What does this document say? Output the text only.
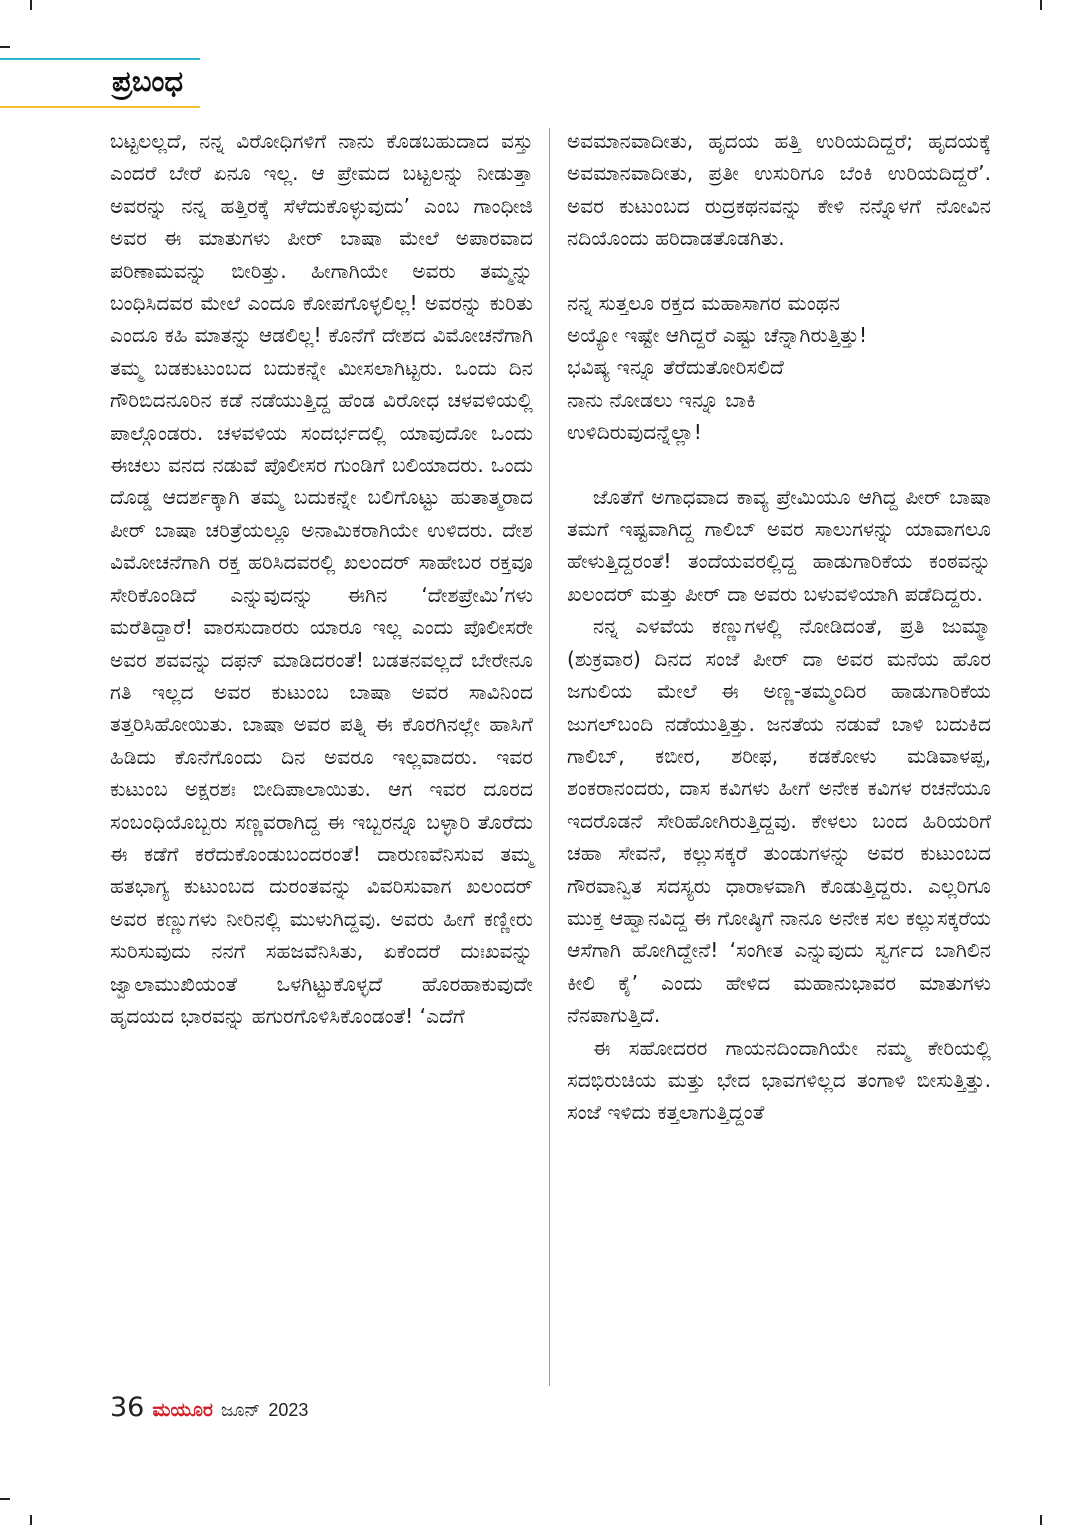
ಪ್ರಬಂಧ

ಬಟ್ಟಲಲ್ಲದೆ, ನನ್ನ ವಿರೋಧಿಗಳಿಗೆ ನಾನು ಕೊಡಬಹುದಾದ ವಸ್ತು ಎಂದರೆ ಬೇರೆ ಏನೂ ಇಲ್ಲ. ಆ ಪ್ರೇಮದ ಬಟ್ಟಲನ್ನು ನೀಡುತ್ತಾ ಅವರನ್ನು ನನ್ನ ಹತ್ತಿರಕ್ಕೆ ಸೆಳೆದುಕೊಳ್ಳುವುದು’ ಎಂಬ ಗಾಂಧೀಜಿ ಅವರ ಈ ಮಾತುಗಳು ಪೀರ್ ಬಾಷಾ ಮೇಲೆ ಅಪಾರವಾದ ಪರಿಣಾಮವನ್ನು ಬೀರಿತ್ತು. ಹೀಗಾಗಿಯೇ ಅವರು ತಮ್ಮನ್ನು ಬಂಧಿಸಿದವರ ಮೇಲೆ ಎಂದೂ ಕೋಪಗೊಳ್ಳಲಿಲ್ಲ! ಅವರನ್ನು ಕುರಿತು ಎಂದೂ ಕಹಿ ಮಾತನ್ನು ಆಡಲಿಲ್ಲ! ಕೊನೆಗೆ ದೇಶದ ವಿಮೋಚನೆಗಾಗಿ ತಮ್ಮ ಬಡಕುಟುಂಬದ ಬದುಕನ್ನೇ ಮೀಸಲಾಗಿಟ್ಟರು. ಒಂದು ದಿನ ಗೌರಿಬಿದನೂರಿನ ಕಡೆ ನಡೆಯುತ್ತಿದ್ದ ಹೆಂಡ ವಿರೋಧ ಚಳವಳಿಯಲ್ಲಿ ಪಾಲ್ಗೊಂಡರು. ಚಳವಳಿಯ ಸಂದರ್ಭದಲ್ಲಿ ಯಾವುದೋ ಒಂದು ಈಚಲು ವನದ ನಡುವೆ ಪೊಲೀಸರ ಗುಂಡಿಗೆ ಬಲಿಯಾದರು. ಒಂದು ದೊಡ್ಡ ಆದರ್ಶಕ್ಕಾಗಿ ತಮ್ಮ ಬದುಕನ್ನೇ ಬಲಿಗೊಟ್ಟು ಹುತಾತ್ಮರಾದ ಪೀರ್ ಬಾಷಾ ಚರಿತ್ರೆಯಲ್ಲೂ ಅನಾಮಿಕರಾಗಿಯೇ ಉಳಿದರು. ದೇಶ ವಿಮೋಚನೆಗಾಗಿ ರಕ್ತ ಹರಿಸಿದವರಲ್ಲಿ ಖಲಂದರ್ ಸಾಹೇಬರ ರಕ್ತವೂ ಸೇರಿಕೊಂಡಿದೆ ಎನ್ನುವುದನ್ನು ಈಗಿನ ‘ದೇಶಪ್ರೇಮಿ’ಗಳು ಮರೆತಿದ್ದಾರೆ! ವಾರಸುದಾರರು ಯಾರೂ ಇಲ್ಲ ಎಂದು ಪೊಲೀಸರೇ ಅವರ ಶವವನ್ನು ದಫನ್ ಮಾಡಿದರಂತೆ! ಬಡತನವಲ್ಲದೆ ಬೇರೇನೂ ಗತಿ ಇಲ್ಲದ ಅವರ ಕುಟುಂಬ ಬಾಷಾ ಅವರ ಸಾವಿನಿಂದ ತತ್ತರಿಸಿಹೋಯಿತು. ಬಾಷಾ ಅವರ ಪತ್ನಿ ಈ ಕೊರಗಿನಲ್ಲೇ ಹಾಸಿಗೆ ಹಿಡಿದು ಕೊನೆಗೊಂದು ದಿನ ಅವರೂ ಇಲ್ಲವಾದರು. ಇವರ ಕುಟುಂಬ ಅಕ್ಷರಶಃ ಬೀದಿಪಾಲಾಯಿತು. ಆಗ ಇವರ ದೂರದ ಸಂಬಂಧಿಯೊಬ್ಬರು ಸಣ್ಣವರಾಗಿದ್ದ ಈ ಇಬ್ಬರನ್ನೂ ಬಳ್ಳಾರಿ ತೊರೆದು ಈ ಕಡೆಗೆ ಕರೆದುಕೊಂಡುಬಂದರಂತೆ! ದಾರುಣವೆನಿಸುವ ತಮ್ಮ ಹತಭಾಗ್ಯ ಕುಟುಂಬದ ದುರಂತವನ್ನು ವಿವರಿಸುವಾಗ ಖಲಂದರ್ ಅವರ ಕಣ್ಣುಗಳು ನೀರಿನಲ್ಲಿ ಮುಳುಗಿದ್ದವು. ಅವರು ಹೀಗೆ ಕಣ್ಣೀರು ಸುರಿಸುವುದು ನನಗೆ ಸಹಜವೆನಿಸಿತು, ಏಕೆಂದರೆ ದುಃಖವನ್ನು ಜ್ವಾಲಾಮುಖಿಯಂತೆ ಒಳಗಿಟ್ಟುಕೊಳ್ಳದೆ ಹೊರಹಾಕುವುದೇ ಹೃದಯದ ಭಾರವನ್ನು ಹಗುರಗೊಳಿಸಿಕೊಂಡಂತೆ! ‘ಎದೆಗೆ

ಅವಮಾನವಾದೀತು, ಹೃದಯ ಹತ್ತಿ ಉರಿಯದಿದ್ದರೆ; ಹೃದಯಕ್ಕೆ ಅವಮಾನವಾದೀತು, ಪ್ರತೀ ಉಸುರಿಗೂ ಬೆಂಕಿ ಉರಿಯದಿದ್ದರೆ’. ಅವರ ಕುಟುಂಬದ ರುದ್ರಕಥನವನ್ನು ಕೇಳಿ ನನ್ನೊಳಗೆ ನೋವಿನ ನದಿಯೊಂದು ಹರಿದಾಡತೊಡಗಿತು.

ನನ್ನ ಸುತ್ತಲೂ ರಕ್ತದ ಮಹಾಸಾಗರ ಮಂಥನ
ಅಯ್ಯೋ ಇಷ್ಟೇ ಆಗಿದ್ದರೆ ಎಷ್ಟು ಚೆನ್ನಾಗಿರುತ್ತಿತ್ತು!
ಭವಿಷ್ಯ ಇನ್ನೂ ತೆರೆದುತೋರಿಸಲಿದೆ
ನಾನು ನೋಡಲು ಇನ್ನೂ ಬಾಕಿ
ಉಳಿದಿರುವುದನ್ನೆಲ್ಲಾ!

ಜೊತೆಗೆ ಅಗಾಧವಾದ ಕಾವ್ಯ ಪ್ರೇಮಿಯೂ ಆಗಿದ್ದ ಪೀರ್ ಬಾಷಾ ತಮಗೆ ಇಷ್ಟವಾಗಿದ್ದ ಗಾಲಿಬ್ ಅವರ ಸಾಲುಗಳನ್ನು ಯಾವಾಗಲೂ ಹೇಳುತ್ತಿದ್ದರಂತೆ! ತಂದೆಯವರಲ್ಲಿದ್ದ ಹಾಡುಗಾರಿಕೆಯ ಕಂಠವನ್ನು ಖಲಂದರ್ ಮತ್ತು ಪೀರ್ ದಾ ಅವರು ಬಳುವಳಿಯಾಗಿ ಪಡೆದಿದ್ದರು.

ನನ್ನ ಎಳವೆಯ ಕಣ್ಣುಗಳಲ್ಲಿ ನೋಡಿದಂತೆ, ಪ್ರತಿ ಜುಮ್ಮಾ (ಶುಕ್ರವಾರ) ದಿನದ ಸಂಜೆ ಪೀರ್ ದಾ ಅವರ ಮನೆಯ ಹೊರ ಜಗುಲಿಯ ಮೇಲೆ ಈ ಅಣ್ಣ-ತಮ್ಮಂದಿರ ಹಾಡುಗಾರಿಕೆಯ ಜುಗಲ್‌ಬಂದಿ ನಡೆಯುತ್ತಿತ್ತು. ಜನತೆಯ ನಡುವೆ ಬಾಳಿ ಬದುಕಿದ ಗಾಲಿಬ್, ಕಬೀರ, ಶರೀಫ, ಕಡಕೋಳು ಮಡಿವಾಳಪ್ಪ, ಶಂಕರಾನಂದರು, ದಾಸ ಕವಿಗಳು ಹೀಗೆ ಅನೇಕ ಕವಿಗಳ ರಚನೆಯೂ ಇದರೊಡನೆ ಸೇರಿಹೋಗಿರುತ್ತಿದ್ದವು. ಕೇಳಲು ಬಂದ ಹಿರಿಯರಿಗೆ ಚಹಾ ಸೇವನೆ, ಕಲ್ಲುಸಕ್ಕರೆ ತುಂಡುಗಳನ್ನು ಅವರ ಕುಟುಂಬದ ಗೌರವಾನ್ವಿತ ಸದಸ್ಯರು ಧಾರಾಳವಾಗಿ ಕೊಡುತ್ತಿದ್ದರು. ಎಲ್ಲರಿಗೂ ಮುಕ್ತ ಆಹ್ವಾನವಿದ್ದ ಈ ಗೋಷ್ಠಿಗೆ ನಾನೂ ಅನೇಕ ಸಲ ಕಲ್ಲುಸಕ್ಕರೆಯ ಆಸೆಗಾಗಿ ಹೋಗಿದ್ದೇನೆ! ‘ಸಂಗೀತ ಎನ್ನುವುದು ಸ್ವರ್ಗದ ಬಾಗಿಲಿನ ಕೀಲಿ ಕೈ’ ಎಂದು ಹೇಳಿದ ಮಹಾನುಭಾವರ ಮಾತುಗಳು ನೆನಪಾಗುತ್ತಿದೆ.

ಈ ಸಹೋದರರ ಗಾಯನದಿಂದಾಗಿಯೇ ನಮ್ಮ ಕೇರಿಯಲ್ಲಿ ಸದಭಿರುಚಿಯ ಮತ್ತು ಭೇದ ಭಾವಗಳಿಲ್ಲದ ತಂಗಾಳಿ ಬೀಸುತ್ತಿತ್ತು. ಸಂಜೆ ಇಳಿದು ಕತ್ತಲಾಗುತ್ತಿದ್ದಂತೆ

36 ಮಯೂರ ಜೂನ್ 2023
